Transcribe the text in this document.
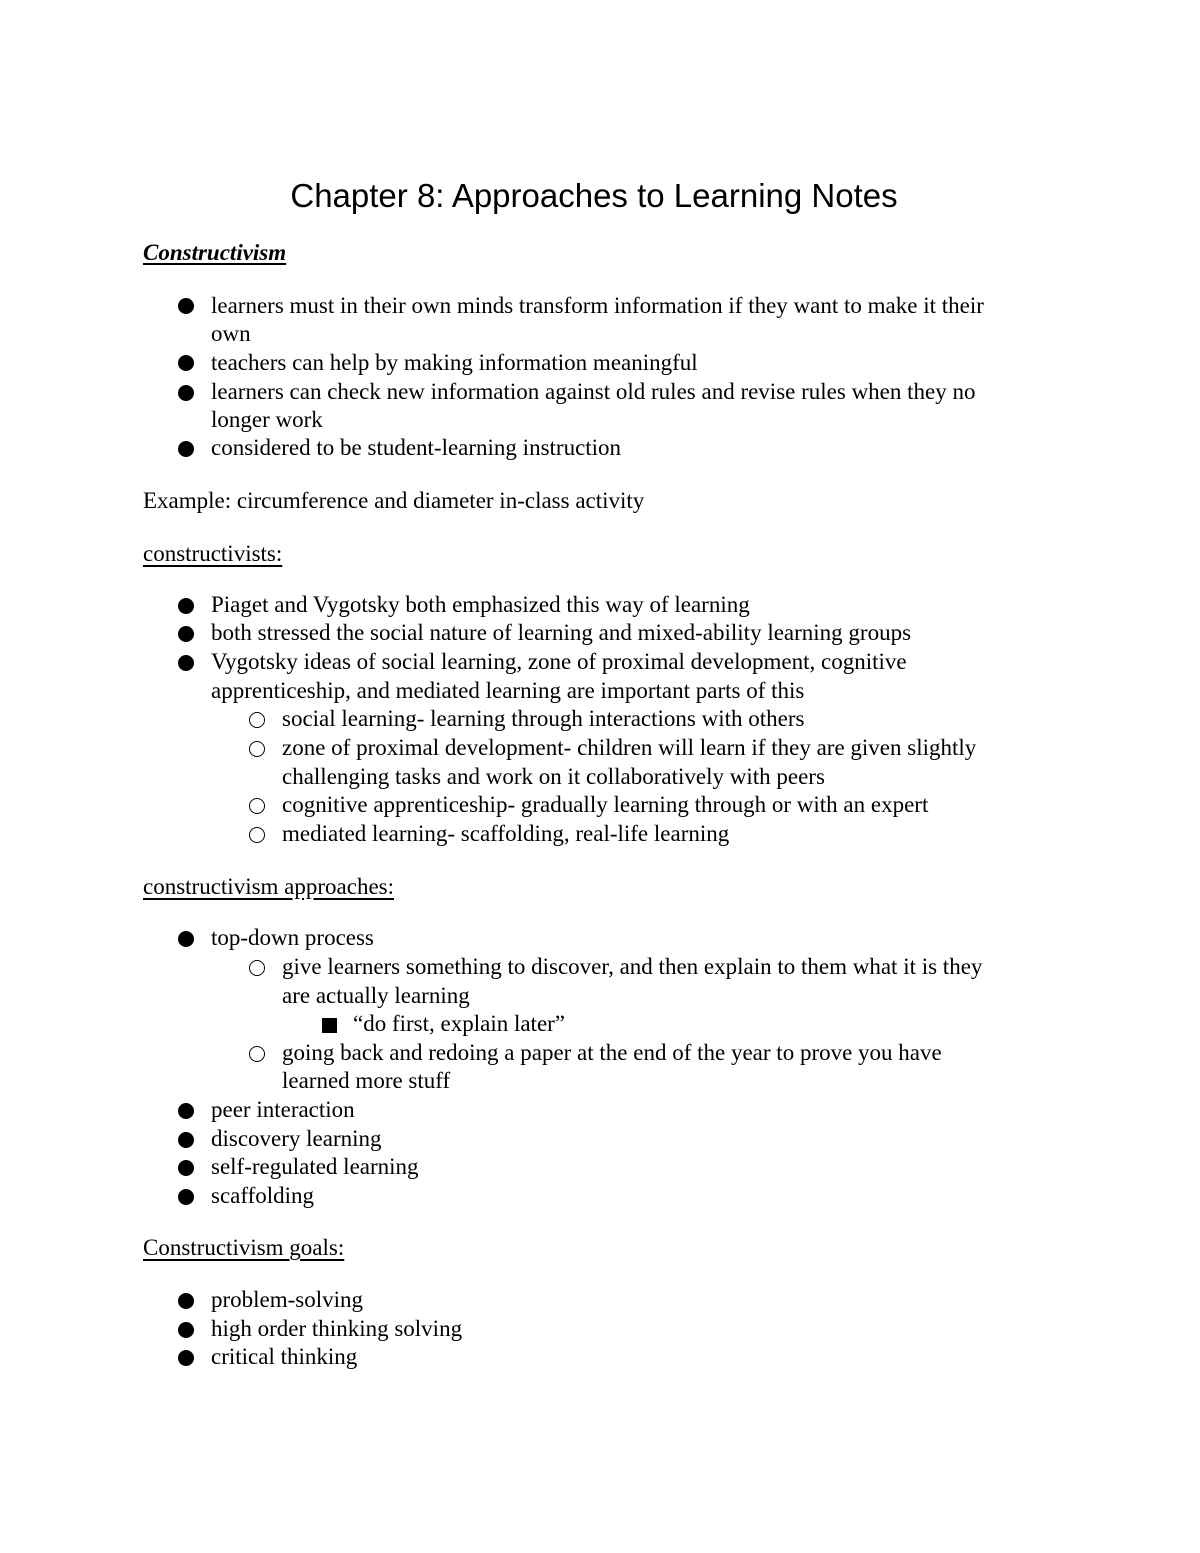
Chapter 8: Approaches to Learning Notes
Constructivism
learners must in their own minds transform information if they want to make it their
own
teachers can help by making information meaningful
learners can check new information against old rules and revise rules when they no
longer work
considered to be student-learning instruction
Example: circumference and diameter in-class activity
constructivists:
Piaget and Vygotsky both emphasized this way of learning
both stressed the social nature of learning and mixed-ability learning groups
Vygotsky ideas of social learning, zone of proximal development, cognitive
apprenticeship, and mediated learning are important parts of this
social learning- learning through interactions with others
zone of proximal development- children will learn if they are given slightly
challenging tasks and work on it collaboratively with peers
cognitive apprenticeship- gradually learning through or with an expert
mediated learning- scaffolding, real-life learning
constructivism approaches:
top-down process
give learners something to discover, and then explain to them what it is they
are actually learning
“do first, explain later”
going back and redoing a paper at the end of the year to prove you have
learned more stuff
peer interaction
discovery learning
self-regulated learning
scaffolding
Constructivism goals:
problem-solving
high order thinking solving
critical thinking
